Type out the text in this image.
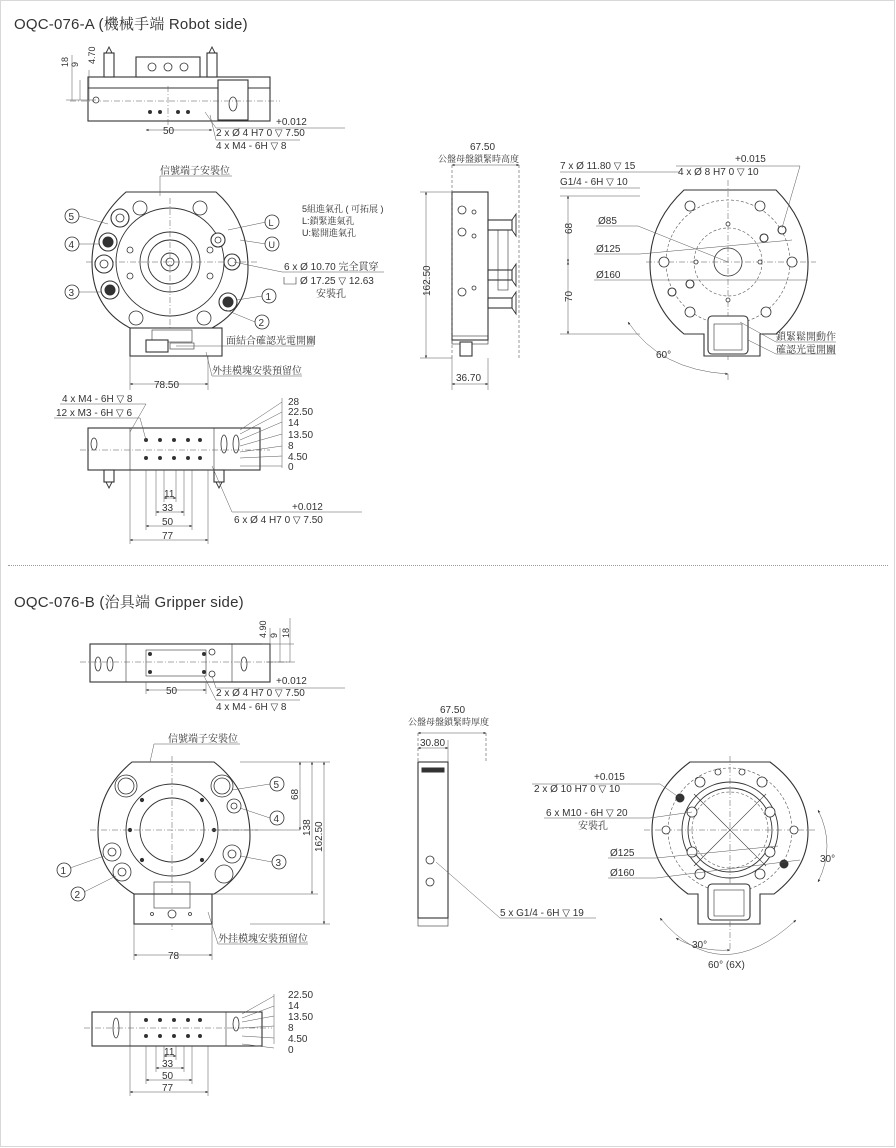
OQC-076-A (機械手端 Robot side)
OQC-076-B (治具端 Gripper side)
18 9
4.70
50
+0.012
2 x Ø 4 H7 0 ▽ 7.50
4 x M4 - 6H ▽ 8
信號端子安裝位
5組進氣孔 ( 可拓展 )
L:鎖緊進氣孔
U:鬆開進氣孔
6 x Ø 10.70 完全貫穿
Ø 17.25 ▽ 12.63
安裝孔
面結合確認光電開關
外挂模塊安裝預留位
78.50
5
4
3	1
2
L
U
67.50
公盤母盤鎖緊時高度
162.50
36.70
7 x Ø 11.80 ▽ 15
G1/4 - 6H ▽ 10
+0.015
4 x Ø 8 H7 0 ▽ 10
Ø85
Ø125
Ø160
68
70
60°
鎖緊鬆開動作
確認光電開關
4 x M4 - 6H ▽ 8
12 x M3 - 6H ▽ 6
28
22.50
14
13.50
8
4.50
0
11
33
50
77
+0.012
6 x Ø 4 H7 0 ▽ 7.50
4.90 9 18
50
+0.012
2 x Ø 4 H7 0 ▽ 7.50
4 x M4 - 6H ▽ 8
信號端子安裝位
外挂模塊安裝預留位
78
68
138 162.50
1
2
3
4
5
67.50
公盤母盤鎖緊時厚度
30.80
5 x G1/4 - 6H ▽ 19
+0.015
2 x Ø 10 H7 0 ▽ 10
6 x M10 - 6H ▽ 20
安裝孔
Ø125
Ø160
30°
30°
60° (6X)
22.50
14
13.50
8
4.50
0
11
33
50
77
